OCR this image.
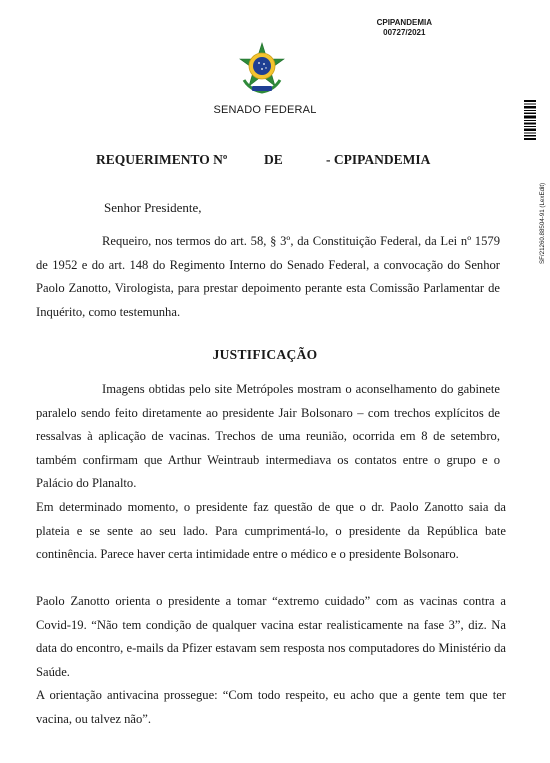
CPIPANDEMIA
00727/2021
SENADO FEDERAL
SF/21260.88504-91 (LexEdit)
REQUERIMENTO Nº	DE	- CPIPANDEMIA
Senhor Presidente,

Requeiro, nos termos do art. 58, § 3º, da Constituição Federal, da Lei nº 1579 de 1952 e do art. 148 do Regimento Interno do Senado Federal, a convocação do Senhor Paolo Zanotto, Virologista, para prestar depoimento perante esta Comissão Parlamentar de Inquérito, como testemunha.

JUSTIFICAÇÃO

Imagens obtidas pelo site Metrópoles mostram o aconselhamento do gabinete paralelo sendo feito diretamente ao presidente Jair Bolsonaro – com trechos explícitos de ressalvas à aplicação de vacinas. Trechos de uma reunião, ocorrida em 8 de setembro, também confirmam que Arthur Weintraub intermediava os contatos entre o grupo e o Palácio do Planalto.

Em determinado momento, o presidente faz questão de que o dr. Paolo Zanotto saia da plateia e se sente ao seu lado. Para cumprimentá-lo, o presidente da República bate continência. Parece haver certa intimidade entre o médico e o presidente Bolsonaro.

Paolo Zanotto orienta o presidente a tomar “extremo cuidado” com as vacinas contra a Covid-19. “Não tem condição de qualquer vacina estar realisticamente na fase 3”, diz. Na data do encontro, e-mails da Pfizer estavam sem resposta nos computadores do Ministério da Saúde.

A orientação antivacina prossegue: “Com todo respeito, eu acho que a gente tem que ter vacina, ou talvez não”.
